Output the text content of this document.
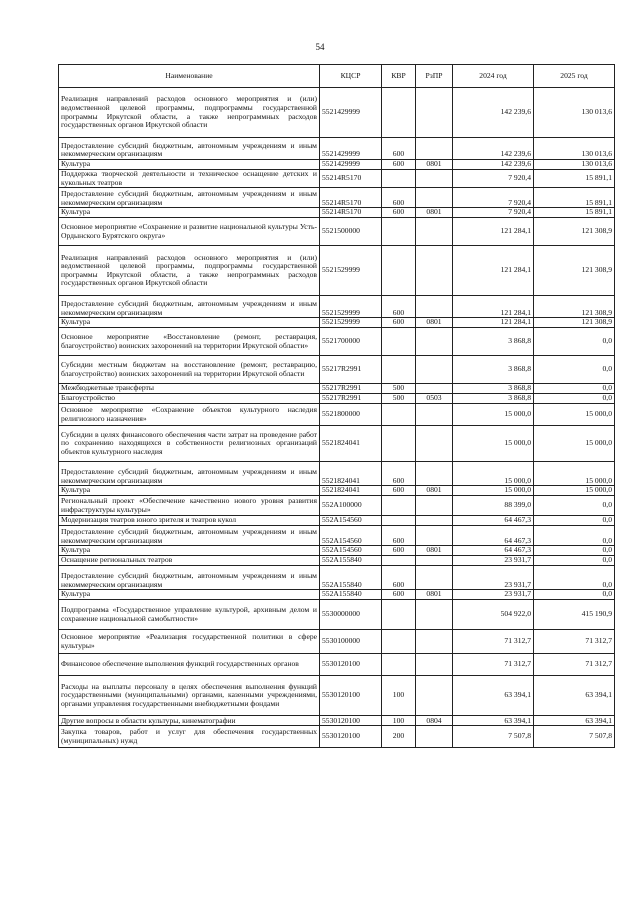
54
Наименование	КЦСР	КВР	РзПР	2024 год	2025 год
Реализация направлений расходов основного мероприятия и (или) ведомственной целевой программы, подпрограммы государственной программы Иркутской области, а также непрограммных расходов государственных органов Иркутской области	5521429999			142 239,6	130 013,6
Предоставление субсидий бюджетным, автономным учреждениям и иным некоммерческим организациям	5521429999	600		142 239,6	130 013,6
Культура	5521429999	600	0801	142 239,6	130 013,6
Поддержка творческой деятельности и техническое оснащение детских и кукольных театров	55214R5170			7 920,4	15 891,1
Предоставление субсидий бюджетным, автономным учреждениям и иным некоммерческим организациям	55214R5170	600		7 920,4	15 891,1
Культура	55214R5170	600	0801	7 920,4	15 891,1
Основное мероприятие «Сохранение и развитие национальной культуры Усть-Ордынского Бурятского округа»	5521500000			121 284,1	121 308,9
Реализация направлений расходов основного мероприятия и (или) ведомственной целевой программы, подпрограммы государственной программы Иркутской области, а также непрограммных расходов государственных органов Иркутской области	5521529999			121 284,1	121 308,9
Предоставление субсидий бюджетным, автономным учреждениям и иным некоммерческим организациям	5521529999	600		121 284,1	121 308,9
Культура	5521529999	600	0801	121 284,1	121 308,9
Основное мероприятие «Восстановление (ремонт, реставрация, благоустройство) воинских захоронений на территории Иркутской области»	5521700000			3 868,8	0,0
Субсидии местным бюджетам на восстановление (ремонт, реставрацию, благоустройство) воинских захоронений на территории Иркутской области	55217R2991			3 868,8	0,0
Межбюджетные трансферты	55217R2991	500		3 868,8	0,0
Благоустройство	55217R2991	500	0503	3 868,8	0,0
Основное мероприятие «Сохранение объектов культурного наследия религиозного назначения»	5521800000			15 000,0	15 000,0
Субсидии в целях финансового обеспечения части затрат на проведение работ по сохранению находящихся в собственности религиозных организаций объектов культурного наследия	5521824041			15 000,0	15 000,0
Предоставление субсидий бюджетным, автономным учреждениям и иным некоммерческим организациям	5521824041	600		15 000,0	15 000,0
Культура	5521824041	600	0801	15 000,0	15 000,0
Региональный проект «Обеспечение качественно нового уровня развития инфраструктуры культуры»	552A100000			88 399,0	0,0
Модернизация театров юного зрителя и театров кукол	552A154560			64 467,3	0,0
Предоставление субсидий бюджетным, автономным учреждениям и иным некоммерческим организациям	552A154560	600		64 467,3	0,0
Культура	552A154560	600	0801	64 467,3	0,0
Оснащение региональных театров	552A155840			23 931,7	0,0
Предоставление субсидий бюджетным, автономным учреждениям и иным некоммерческим организациям	552A155840	600		23 931,7	0,0
Культура	552A155840	600	0801	23 931,7	0,0
Подпрограмма «Государственное управление культурой, архивным делом и сохранение национальной самобытности»	5530000000			504 922,0	415 190,9
Основное мероприятие «Реализация государственной политики в сфере культуры»	5530100000			71 312,7	71 312,7
Финансовое обеспечение выполнения функций государственных органов	5530120100			71 312,7	71 312,7
Расходы на выплаты персоналу в целях обеспечения выполнения функций государственными (муниципальными) органами, казенными учреждениями, органами управления государственными внебюджетными фондами	5530120100	100		63 394,1	63 394,1
Другие вопросы в области культуры, кинематографии	5530120100	100	0804	63 394,1	63 394,1
Закупка товаров, работ и услуг для обеспечения государственных (муниципальных) нужд	5530120100	200		7 507,8	7 507,8
